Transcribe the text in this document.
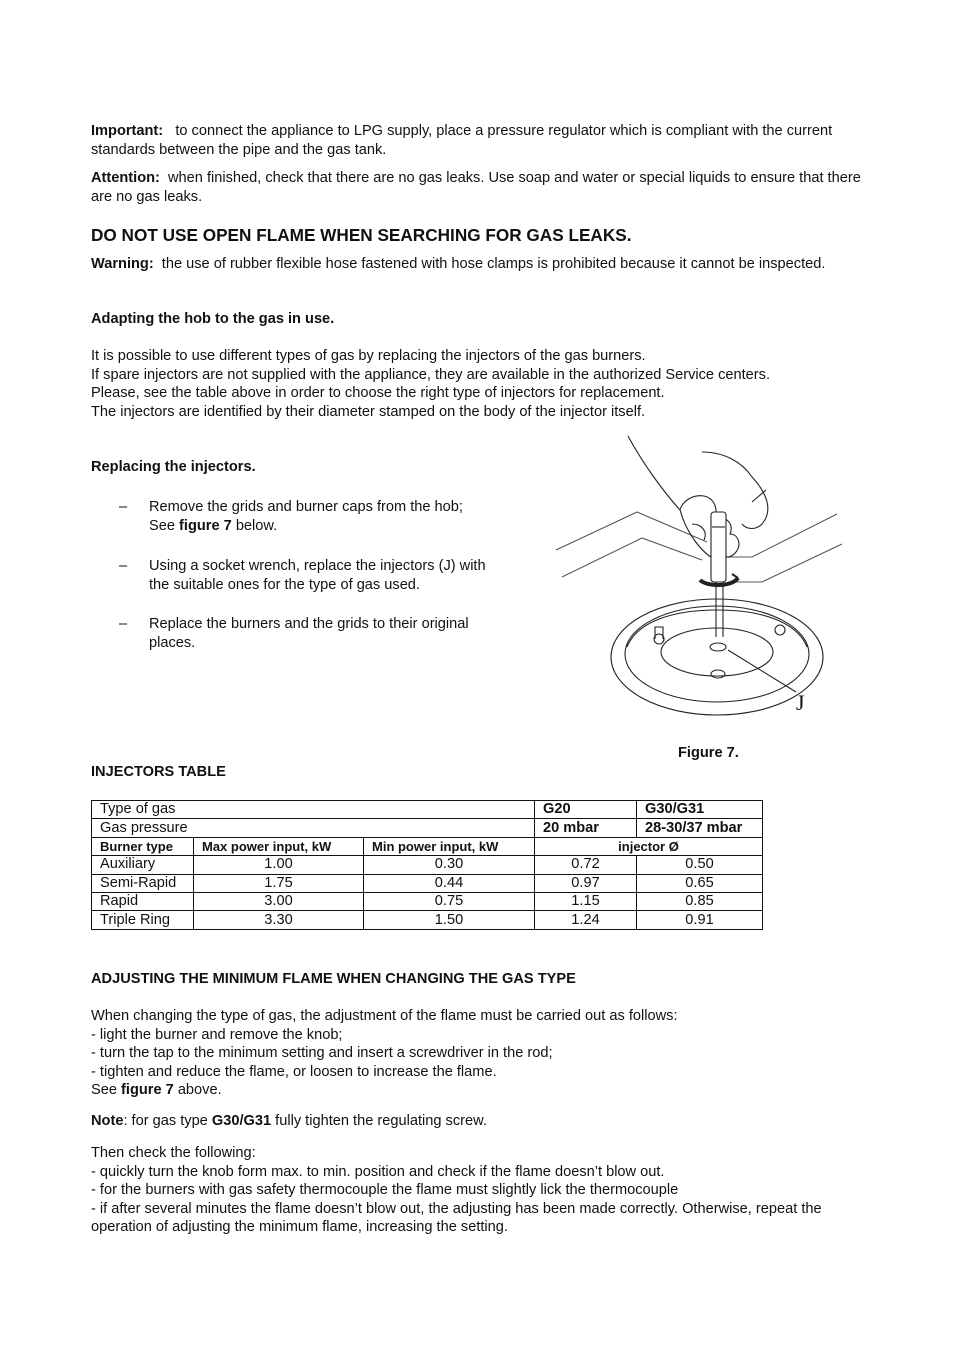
Important: to connect the appliance to LPG supply, place a pressure regulator which is compliant with the current standards between the pipe and the gas tank.

Attention: when finished, check that there are no gas leaks. Use soap and water or special liquids to ensure that there are no gas leaks.

DO NOT USE OPEN FLAME WHEN SEARCHING FOR GAS LEAKS.

Warning: the use of rubber flexible hose fastened with hose clamps is prohibited because it cannot be inspected.

Adapting the hob to the gas in use.

It is possible to use different types of gas by replacing the injectors of the gas burners.

If spare injectors are not supplied with the appliance, they are available in the authorized Service centers.

Please, see the table above in order to choose the right type of injectors for replacement.

The injectors are identified by their diameter stamped on the body of the injector itself.

Replacing the injectors.
– Remove the grids and burner caps from the hob;
See figure 7 below.
– Using a socket wrench, replace the injectors (J) with the suitable ones for the type of gas used.
– Replace the burners and the grids to their original places.
J
Figure 7.
INJECTORS TABLE
Type of gas			G20	G30/G31
Gas pressure			20 mbar	28-30/37 mbar
Burner type	Max power input, kW	Min power input, kW	injector Ø	
Auxiliary	1.00	0.30	0.72	0.50
Semi-Rapid	1.75	0.44	0.97	0.65
Rapid	3.00	0.75	1.15	0.85
Triple Ring	3.30	1.50	1.24	0.91
ADJUSTING THE MINIMUM FLAME WHEN CHANGING THE GAS TYPE

When changing the type of gas, the adjustment of the flame must be carried out as follows:

- light the burner and remove the knob;

- turn the tap to the minimum setting and insert a screwdriver in the rod;

- tighten and reduce the flame, or loosen to increase the flame.

See figure 7 above.

Note: for gas type G30/G31 fully tighten the regulating screw.

Then check the following:

- quickly turn the knob form max. to min. position and check if the flame doesn’t blow out.

- for the burners with gas safety thermocouple the flame must slightly lick the thermocouple

- if after several minutes the flame doesn’t blow out, the adjusting has been made correctly. Otherwise, repeat the operation of adjusting the minimum flame, increasing the setting.
